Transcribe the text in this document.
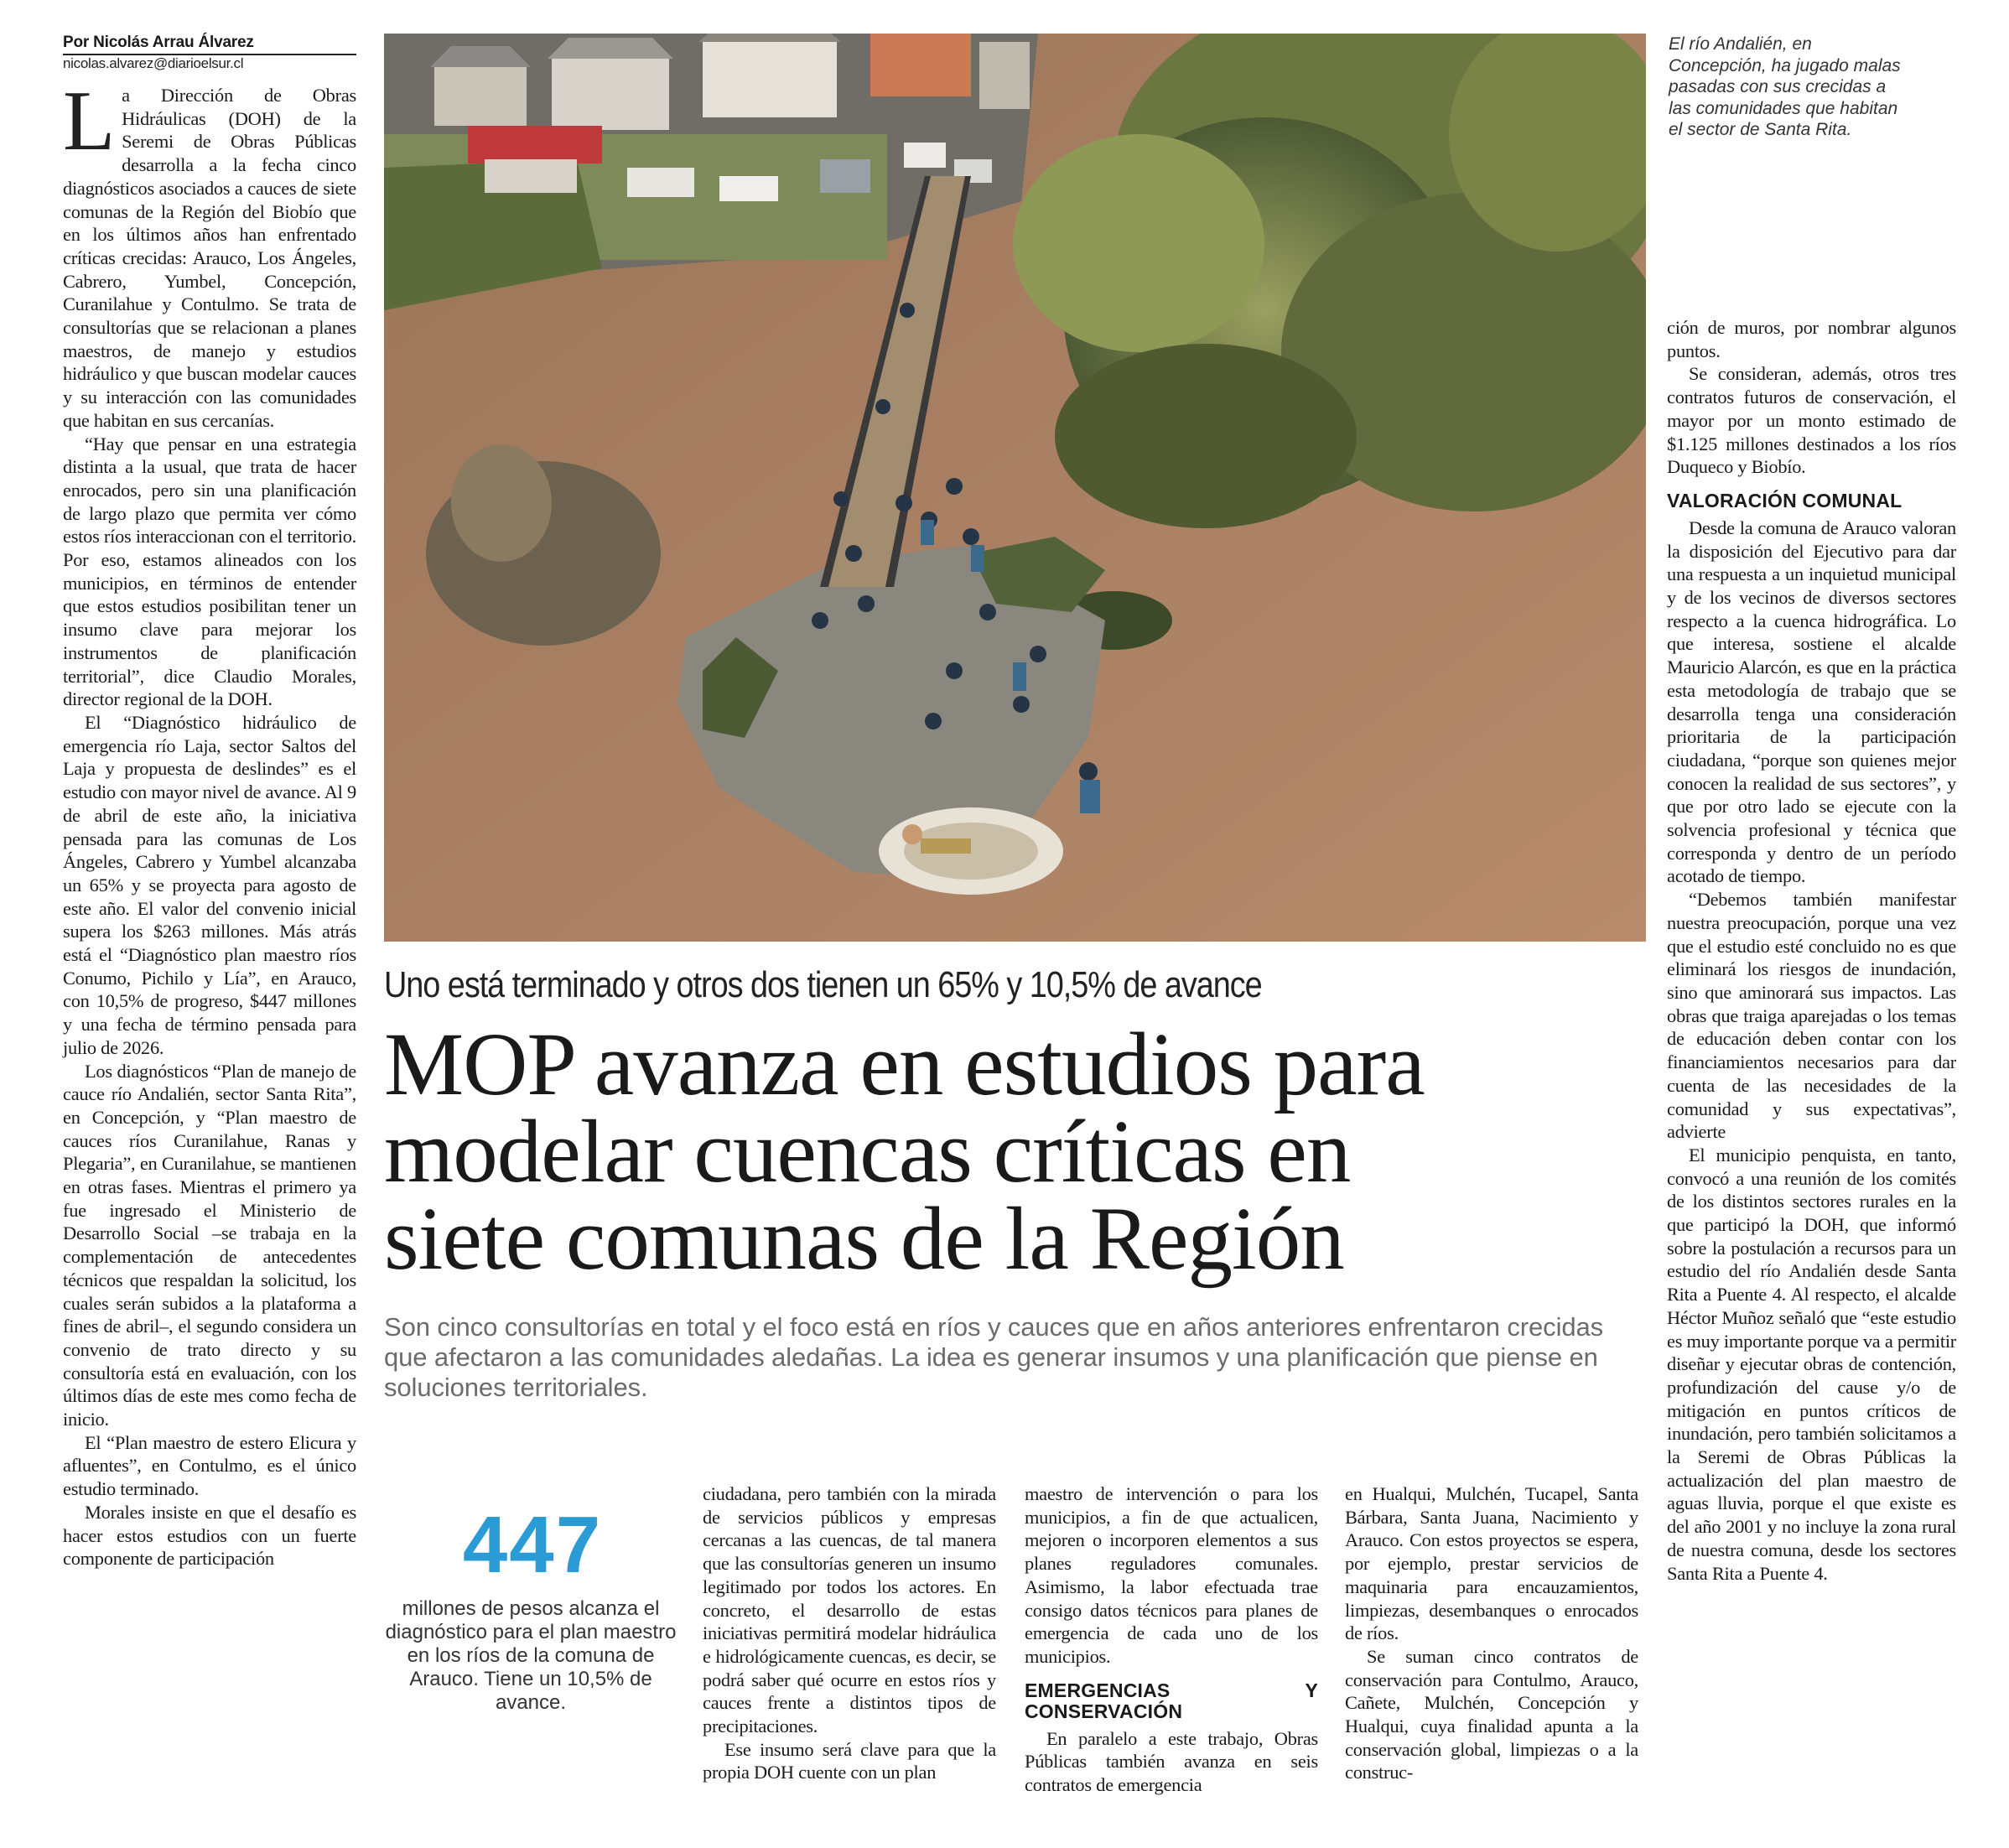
Por Nicolás Arrau Álvarez
nicolas.alvarez@diarioelsur.cl

La Dirección de Obras Hidráulicas (DOH) de la Seremi de Obras Públicas desarrolla a la fecha cinco diagnósticos asociados a cauces de siete comunas de la Región del Biobío que en los últimos años han enfrentado críticas crecidas: Arauco, Los Ángeles, Cabrero, Yumbel, Concepción, Curanilahue y Contulmo. Se trata de consultorías que se relacionan a planes maestros, de manejo y estudios hidráulico y que buscan modelar cauces y su interacción con las comunidades que habitan en sus cercanías.

“Hay que pensar en una estrategia distinta a la usual, que trata de hacer enrocados, pero sin una planificación de largo plazo que permita ver cómo estos ríos interaccionan con el territorio. Por eso, estamos alineados con los municipios, en términos de entender que estos estudios posibilitan tener un insumo clave para mejorar los instrumentos de planificación territorial”, dice Claudio Morales, director regional de la DOH.

El “Diagnóstico hidráulico de emergencia río Laja, sector Saltos del Laja y propuesta de deslindes” es el estudio con mayor nivel de avance. Al 9 de abril de este año, la iniciativa pensada para las comunas de Los Ángeles, Cabrero y Yumbel alcanzaba un 65% y se proyecta para agosto de este año. El valor del convenio inicial supera los $263 millones. Más atrás está el “Diagnóstico plan maestro ríos Conumo, Pichilo y Lía”, en Arauco, con 10,5% de progreso, $447 millones y una fecha de término pensada para julio de 2026.

Los diagnósticos “Plan de manejo de cauce río Andalién, sector Santa Rita”, en Concepción, y “Plan maestro de cauces ríos Curanilahue, Ranas y Plegaria”, en Curanilahue, se mantienen en otras fases. Mientras el primero ya fue ingresado el Ministerio de Desarrollo Social –se trabaja en la complementación de antecedentes técnicos que respaldan la solicitud, los cuales serán subidos a la plataforma a fines de abril–, el segundo considera un convenio de trato directo y su consultoría está en evaluación, con los últimos días de este mes como fecha de inicio.

El “Plan maestro de estero Elicura y afluentes”, en Contulmo, es el único estudio terminado.

Morales insiste en que el desafío es hacer estos estudios con un fuerte componente de participación

El río Andalién, en Concepción, ha jugado malas pasadas con sus crecidas a las comunidades que habitan el sector de Santa Rita.
Uno está terminado y otros dos tienen un 65% y 10,5% de avance
MOP avanza en estudios para
modelar cuencas críticas en
siete comunas de la Región
Son cinco consultorías en total y el foco está en ríos y cauces que en años anteriores enfrentaron crecidas que afectaron a las comunidades aledañas. La idea es generar insumos y una planificación que piense en soluciones territoriales.
447
millones de pesos alcanza el diagnóstico para el plan maestro en los ríos de la comuna de Arauco. Tiene un 10,5% de avance.

ciudadana, pero también con la mirada de servicios públicos y empresas cercanas a las cuencas, de tal manera que las consultorías generen un insumo legitimado por todos los actores. En concreto, el desarrollo de estas iniciativas permitirá modelar hidráulica e hidrológicamente cuencas, es decir, se podrá saber qué ocurre en estos ríos y cauces frente a distintos tipos de precipitaciones.

Ese insumo será clave para que la propia DOH cuente con un plan

maestro de intervención o para los municipios, a fin de que actualicen, mejoren o incorporen elementos a sus planes reguladores comunales. Asimismo, la labor efectuada trae consigo datos técnicos para planes de emergencia de cada uno de los municipios.

EMERGENCIAS Y CONSERVACIÓN

En paralelo a este trabajo, Obras Públicas también avanza en seis contratos de emergencia

en Hualqui, Mulchén, Tucapel, Santa Bárbara, Santa Juana, Nacimiento y Arauco. Con estos proyectos se espera, por ejemplo, prestar servicios de maquinaria para encauzamientos, limpiezas, desembanques o enrocados de ríos.

Se suman cinco contratos de conservación para Contulmo, Arauco, Cañete, Mulchén, Concepción y Hualqui, cuya finalidad apunta a la conservación global, limpiezas o a la construc-

ción de muros, por nombrar algunos puntos.

Se consideran, además, otros tres contratos futuros de conservación, el mayor por un monto estimado de $1.125 millones destinados a los ríos Duqueco y Biobío.

VALORACIÓN COMUNAL

Desde la comuna de Arauco valoran la disposición del Ejecutivo para dar una respuesta a un inquietud municipal y de los vecinos de diversos sectores respecto a la cuenca hidrográfica. Lo que interesa, sostiene el alcalde Mauricio Alarcón, es que en la práctica esta metodología de trabajo que se desarrolla tenga una consideración prioritaria de la participación ciudadana, “porque son quienes mejor conocen la realidad de sus sectores”, y que por otro lado se ejecute con la solvencia profesional y técnica que corresponda y dentro de un período acotado de tiempo.

“Debemos también manifestar nuestra preocupación, porque una vez que el estudio esté concluido no es que eliminará los riesgos de inundación, sino que aminorará sus impactos. Las obras que traiga aparejadas o los temas de educación deben contar con los financiamientos necesarios para dar cuenta de las necesidades de la comunidad y sus expectativas”, advierte

El municipio penquista, en tanto, convocó a una reunión de los comités de los distintos sectores rurales en la que participó la DOH, que informó sobre la postulación a recursos para un estudio del río Andalién desde Santa Rita a Puente 4. Al respecto, el alcalde Héctor Muñoz señaló que “este estudio es muy importante porque va a permitir diseñar y ejecutar obras de contención, profundización del cause y/o de mitigación en puntos críticos de inundación, pero también solicitamos a la Seremi de Obras Públicas la actualización del plan maestro de aguas lluvia, porque el que existe es del año 2001 y no incluye la zona rural de nuestra comuna, desde los sectores Santa Rita a Puente 4.
